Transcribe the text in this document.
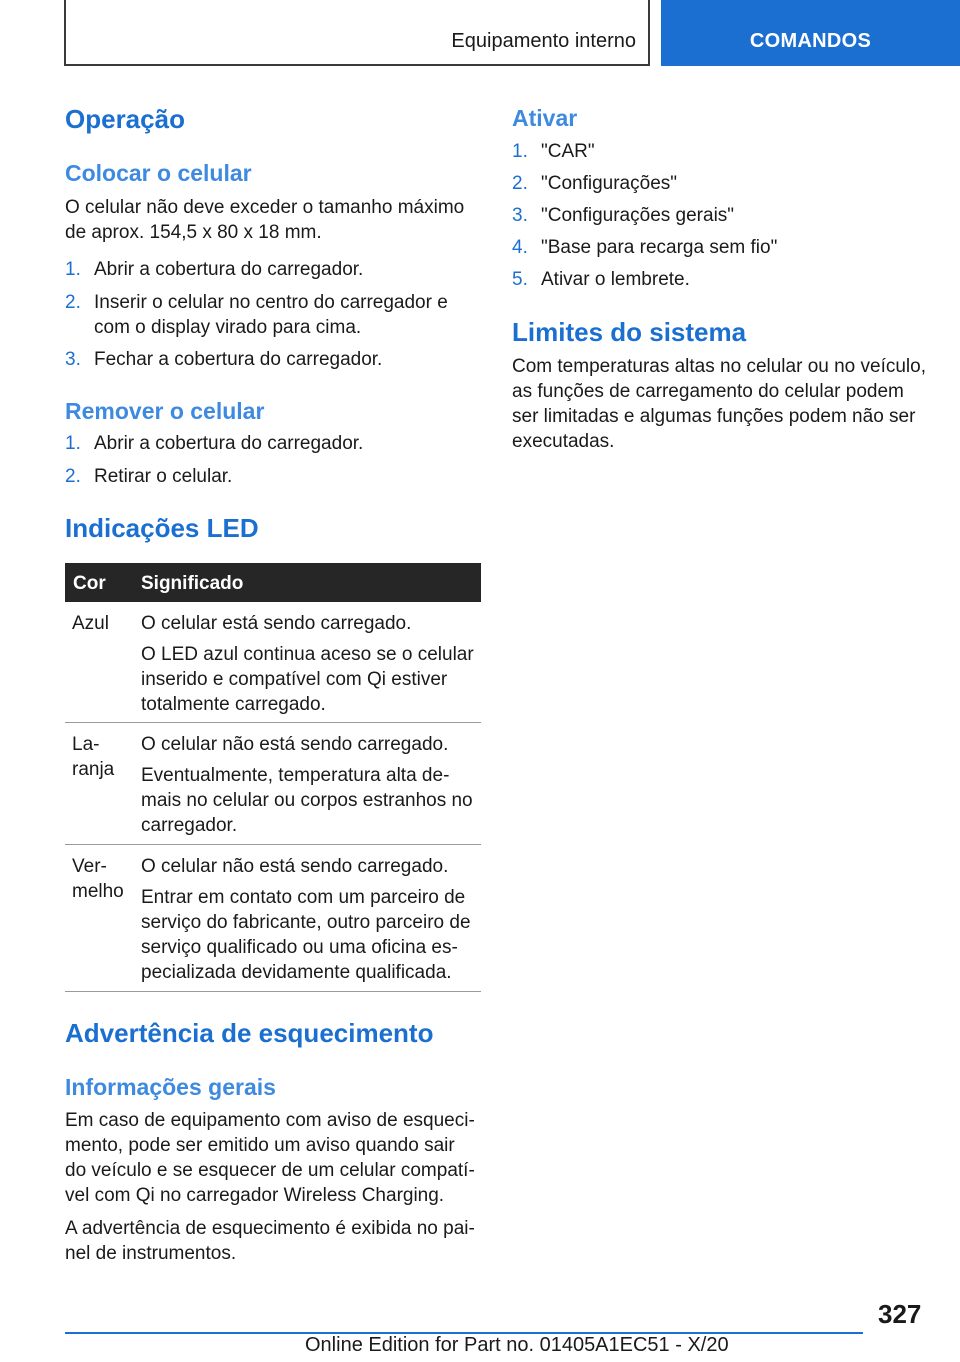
Equipamento interno	COMANDOS
Operação
Colocar o celular
O celular não deve exceder o tamanho máximo de aprox. 154,5 x 80 x 18 mm.
1. Abrir a cobertura do carregador.
2. Inserir o celular no centro do carregador e com o display virado para cima.
3. Fechar a cobertura do carregador.
Remover o celular
1. Abrir a cobertura do carregador.
2. Retirar o celular.
Indicações LED
Cor Significado
Azul O celular está sendo carregado.
O LED azul continua aceso se o celular inserido e compatível com Qi estiver totalmente carregado.
La-
ranja
O celular não está sendo carregado.
Eventualmente, temperatura alta de-mais no celular ou corpos estranhos no carregador.
Ver-
melho
O celular não está sendo carregado.
Entrar em contato com um parceiro de serviço do fabricante, outro parceiro de serviço qualificado ou uma oficina es-pecializada devidamente qualificada.
Advertência de esquecimento
Informações gerais
Em caso de equipamento com aviso de esqueci-mento, pode ser emitido um aviso quando sair do veículo e se esquecer de um celular compatí-vel com Qi no carregador Wireless Charging.
A advertência de esquecimento é exibida no pai-nel de instrumentos.
Ativar
1. "CAR"
2. "Configurações"
3. "Configurações gerais"
4. "Base para recarga sem fio"
5. Ativar o lembrete.
Limites do sistema
Com temperaturas altas no celular ou no veículo, as funções de carregamento do celular podem ser limitadas e algumas funções podem não ser executadas.
327
Online Edition for Part no. 01405A1EC51 - X/20
